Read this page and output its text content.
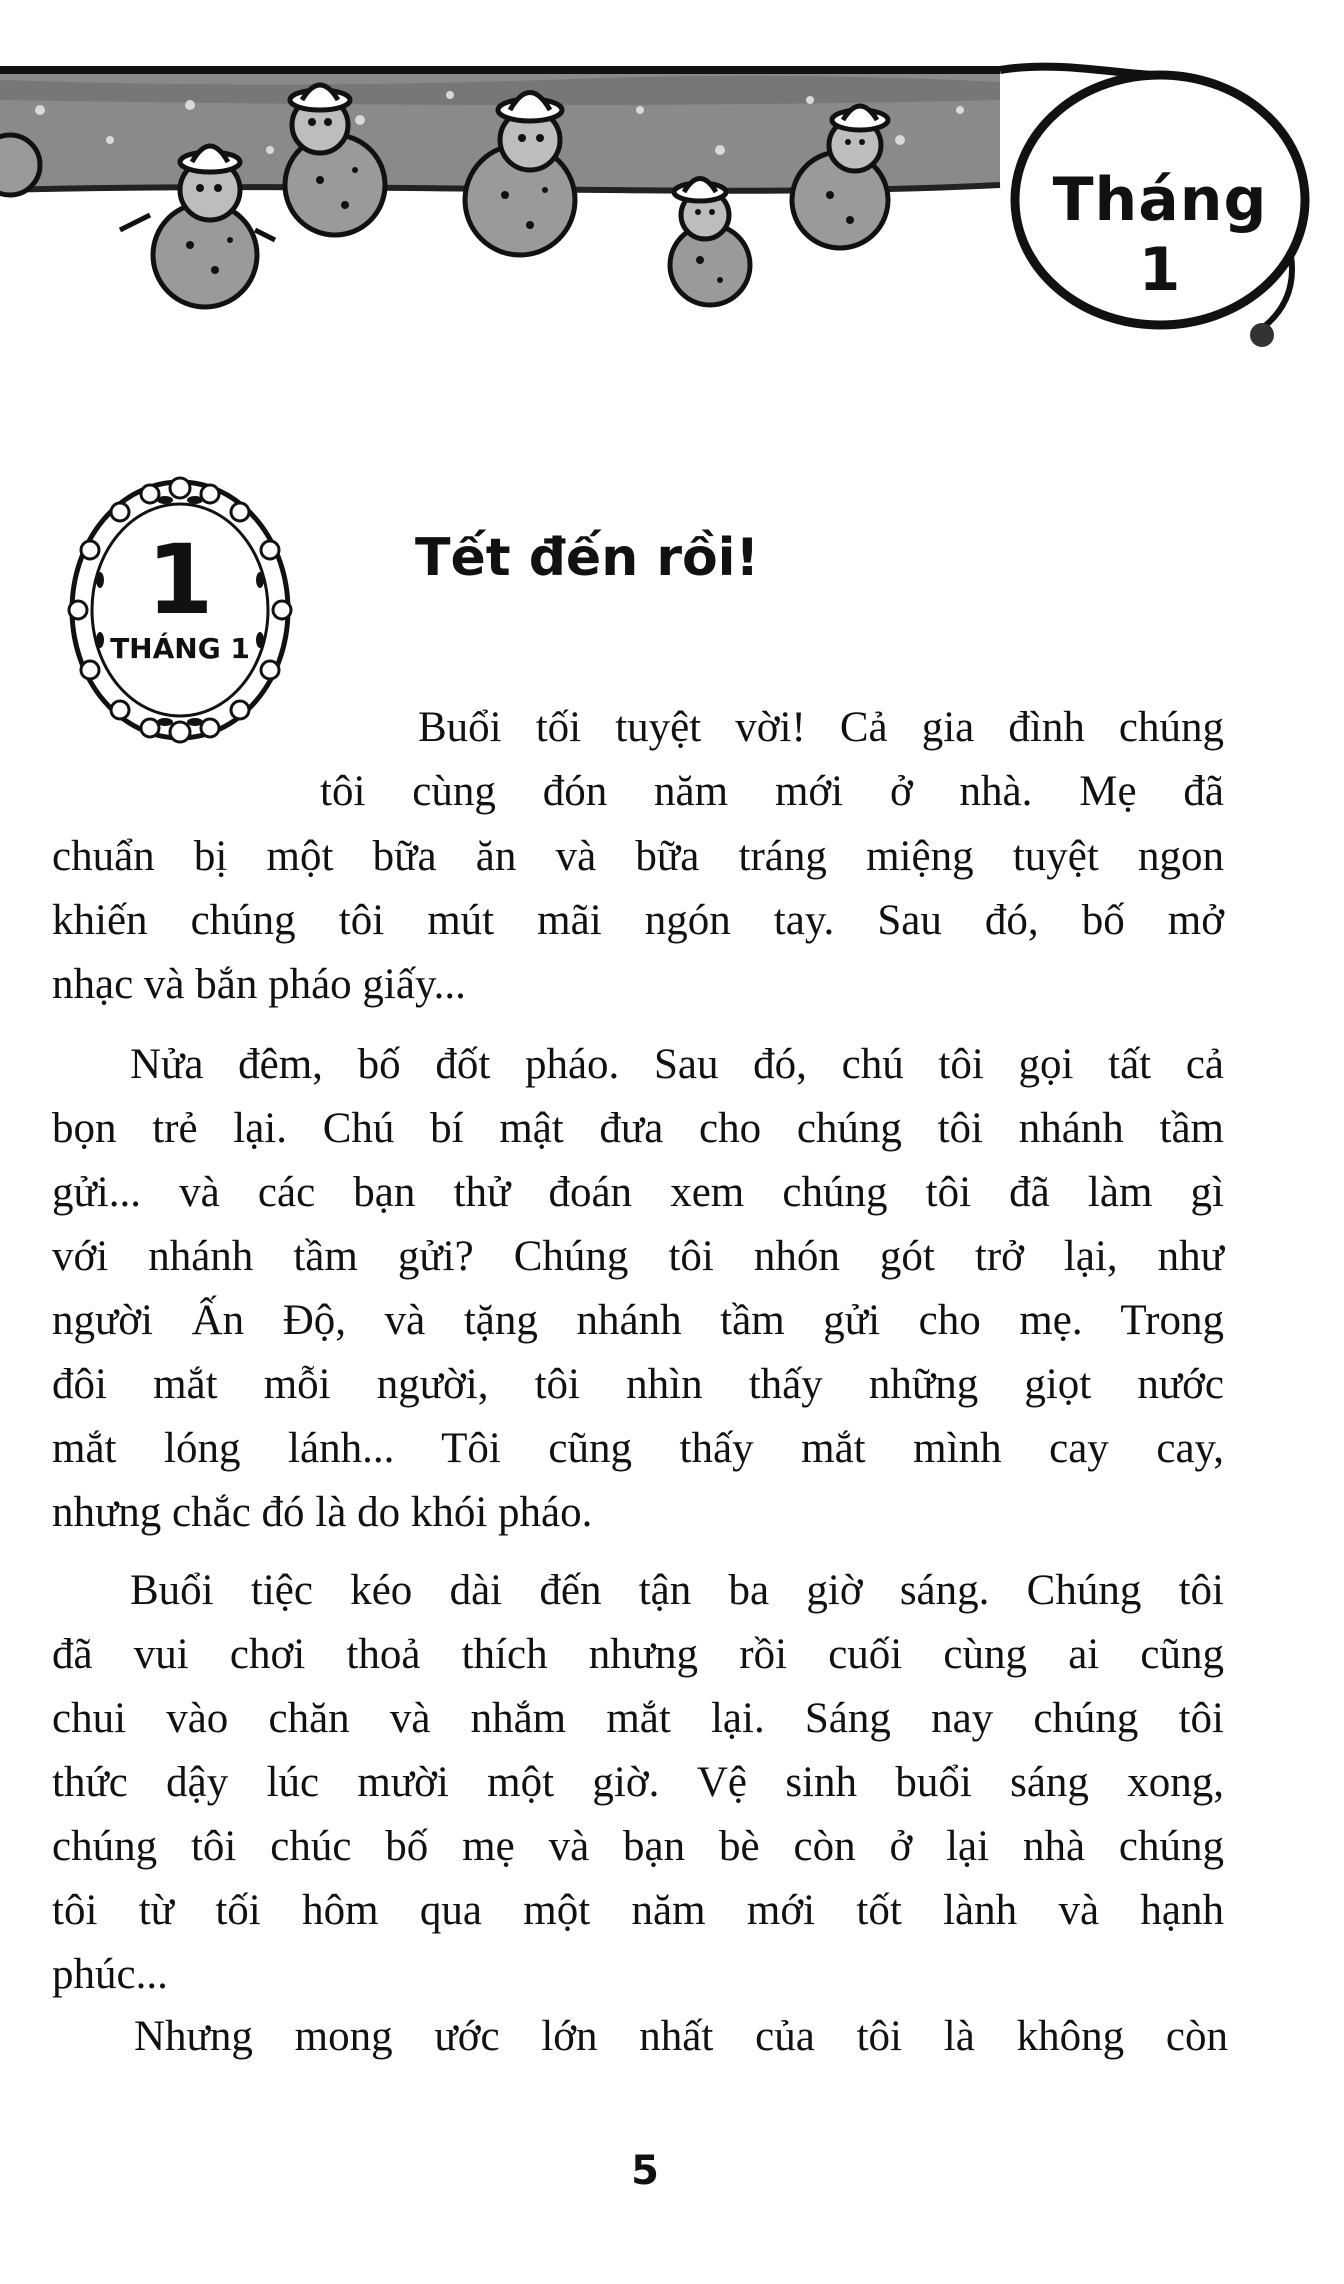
Tháng 1
1
THÁNG 1
Tết đến rồi!
Buổi tối tuyệt vời! Cả gia đình chúng
tôi cùng đón năm mới ở nhà. Mẹ đã
chuẩn bị một bữa ăn và bữa tráng miệng tuyệt ngon
khiến chúng tôi mút mãi ngón tay. Sau đó, bố mở
nhạc và bắn pháo giấy...
Nửa đêm, bố đốt pháo. Sau đó, chú tôi gọi tất cả
bọn trẻ lại. Chú bí mật đưa cho chúng tôi nhánh tầm
gửi... và các bạn thử đoán xem chúng tôi đã làm gì
với nhánh tầm gửi? Chúng tôi nhón gót trở lại, như
người Ấn Độ, và tặng nhánh tầm gửi cho mẹ. Trong
đôi mắt mỗi người, tôi nhìn thấy những giọt nước
mắt lóng lánh... Tôi cũng thấy mắt mình cay cay,
nhưng chắc đó là do khói pháo.
Buổi tiệc kéo dài đến tận ba giờ sáng. Chúng tôi
đã vui chơi thoả thích nhưng rồi cuối cùng ai cũng
chui vào chăn và nhắm mắt lại. Sáng nay chúng tôi
thức dậy lúc mười một giờ. Vệ sinh buổi sáng xong,
chúng tôi chúc bố mẹ và bạn bè còn ở lại nhà chúng
tôi từ tối hôm qua một năm mới tốt lành và hạnh
phúc...
Nhưng mong ước lớn nhất của tôi là không còn
5
